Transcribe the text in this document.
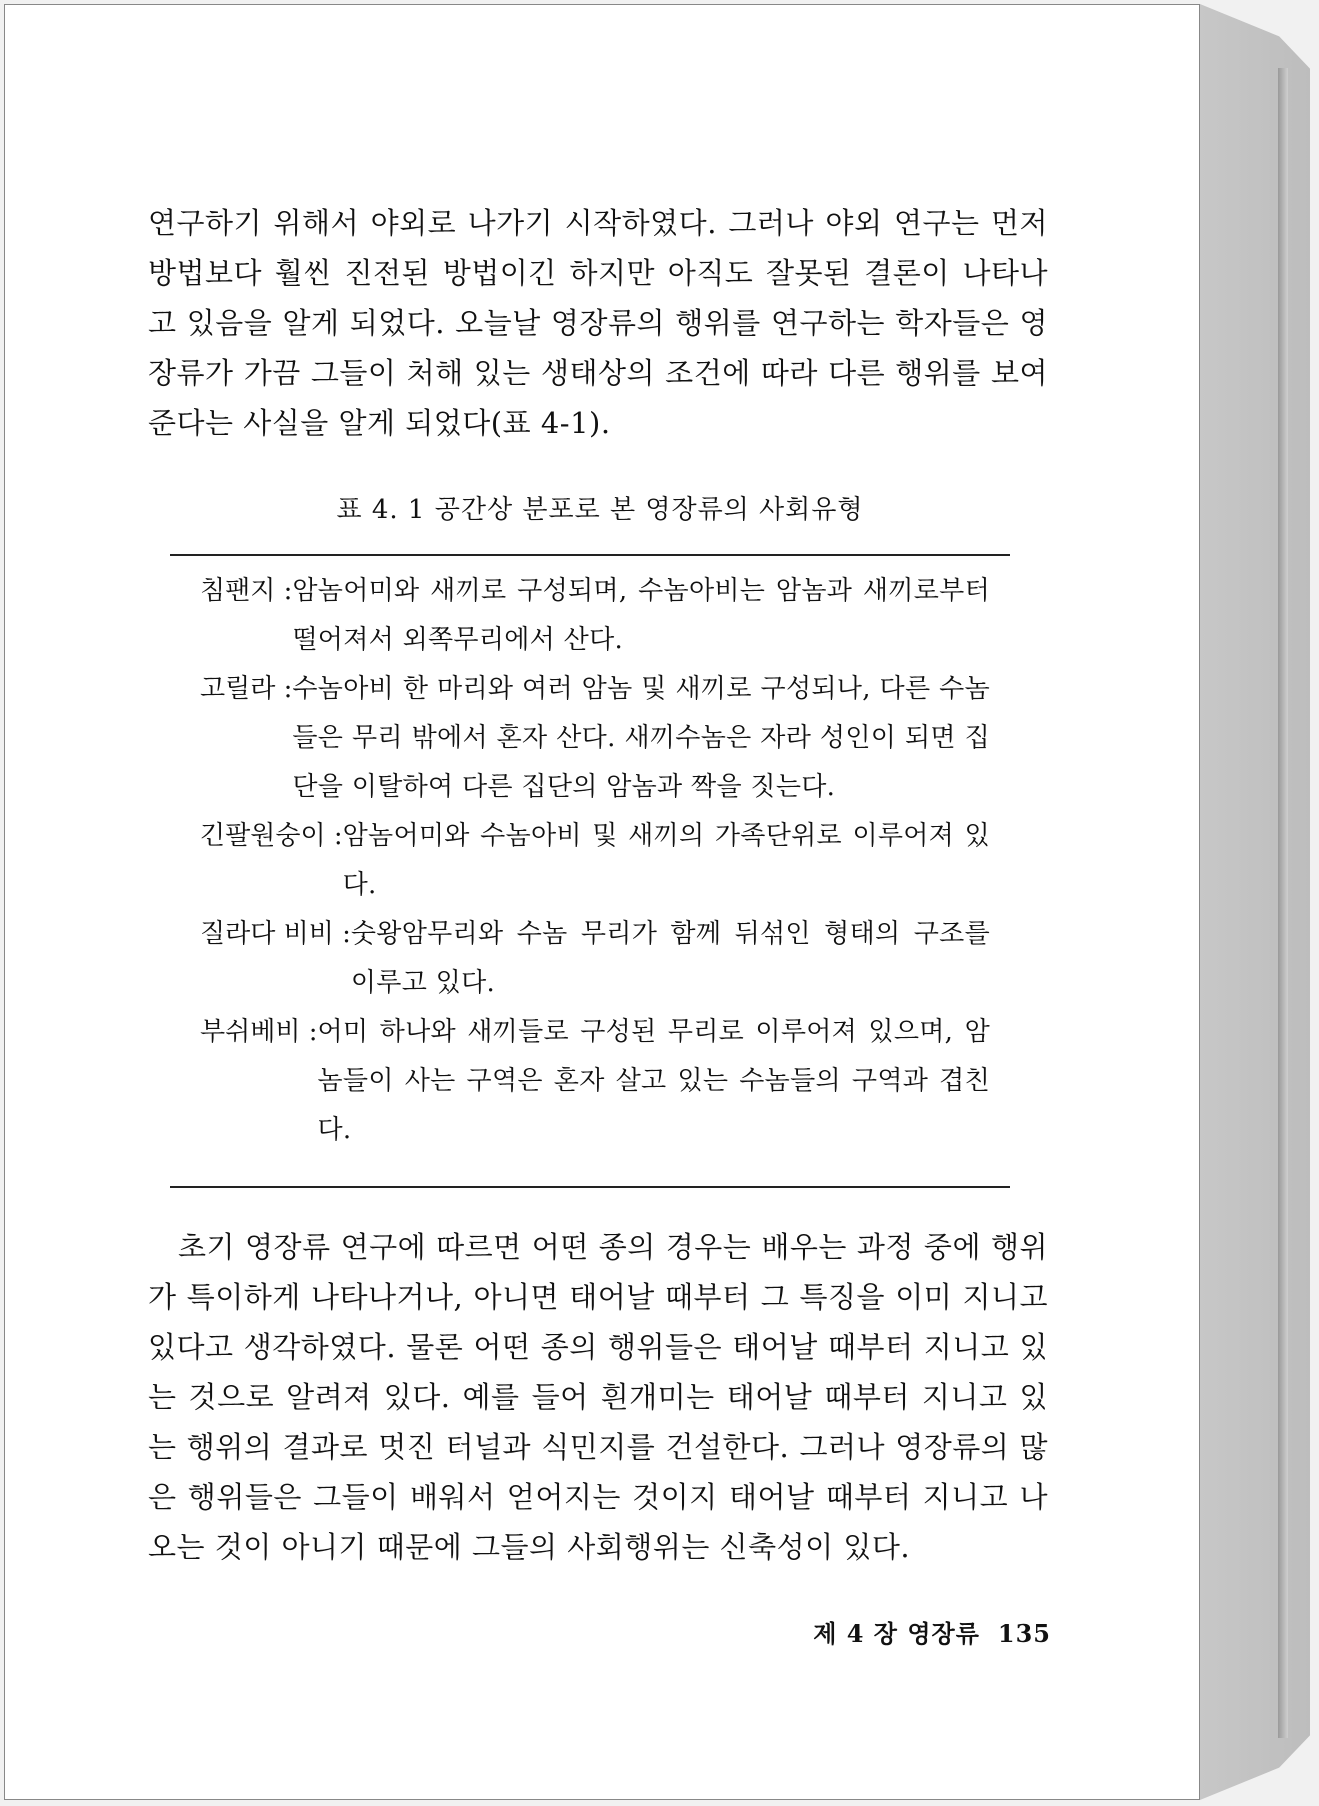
연구하기 위해서 야외로 나가기 시작하였다. 그러나 야외 연구는 먼저 방법보다 훨씬 진전된 방법이긴 하지만 아직도 잘못된 결론이 나타나고 있음을 알게 되었다. 오늘날 영장류의 행위를 연구하는 학자들은 영장류가 가끔 그들이 처해 있는 생태상의 조건에 따라 다른 행위를 보여준다는 사실을 알게 되었다(표 4-1).

표 4. 1 공간상 분포로 본 영장류의 사회유형

침팬지 : 암놈어미와 새끼로 구성되며, 수놈아비는 암놈과 새끼로부터 떨어져서 외쪽무리에서 산다.
고릴라 : 수놈아비 한 마리와 여러 암놈 및 새끼로 구성되나, 다른 수놈들은 무리 밖에서 혼자 산다. 새끼수놈은 자라 성인이 되면 집단을 이탈하여 다른 집단의 암놈과 짝을 짓는다.
긴팔원숭이 : 암놈어미와 수놈아비 및 새끼의 가족단위로 이루어져 있다.
질라다 비비 : 숫왕암무리와 수놈 무리가 함께 뒤섞인 형태의 구조를 이루고 있다.
부쉬베비 : 어미 하나와 새끼들로 구성된 무리로 이루어져 있으며, 암놈들이 사는 구역은 혼자 살고 있는 수놈들의 구역과 겹친다.

초기 영장류 연구에 따르면 어떤 종의 경우는 배우는 과정 중에 행위가 특이하게 나타나거나, 아니면 태어날 때부터 그 특징을 이미 지니고 있다고 생각하였다. 물론 어떤 종의 행위들은 태어날 때부터 지니고 있는 것으로 알려져 있다. 예를 들어 흰개미는 태어날 때부터 지니고 있는 행위의 결과로 멋진 터널과 식민지를 건설한다. 그러나 영장류의 많은 행위들은 그들이 배워서 얻어지는 것이지 태어날 때부터 지니고 나오는 것이 아니기 때문에 그들의 사회행위는 신축성이 있다.

제 4 장 영장류 135
